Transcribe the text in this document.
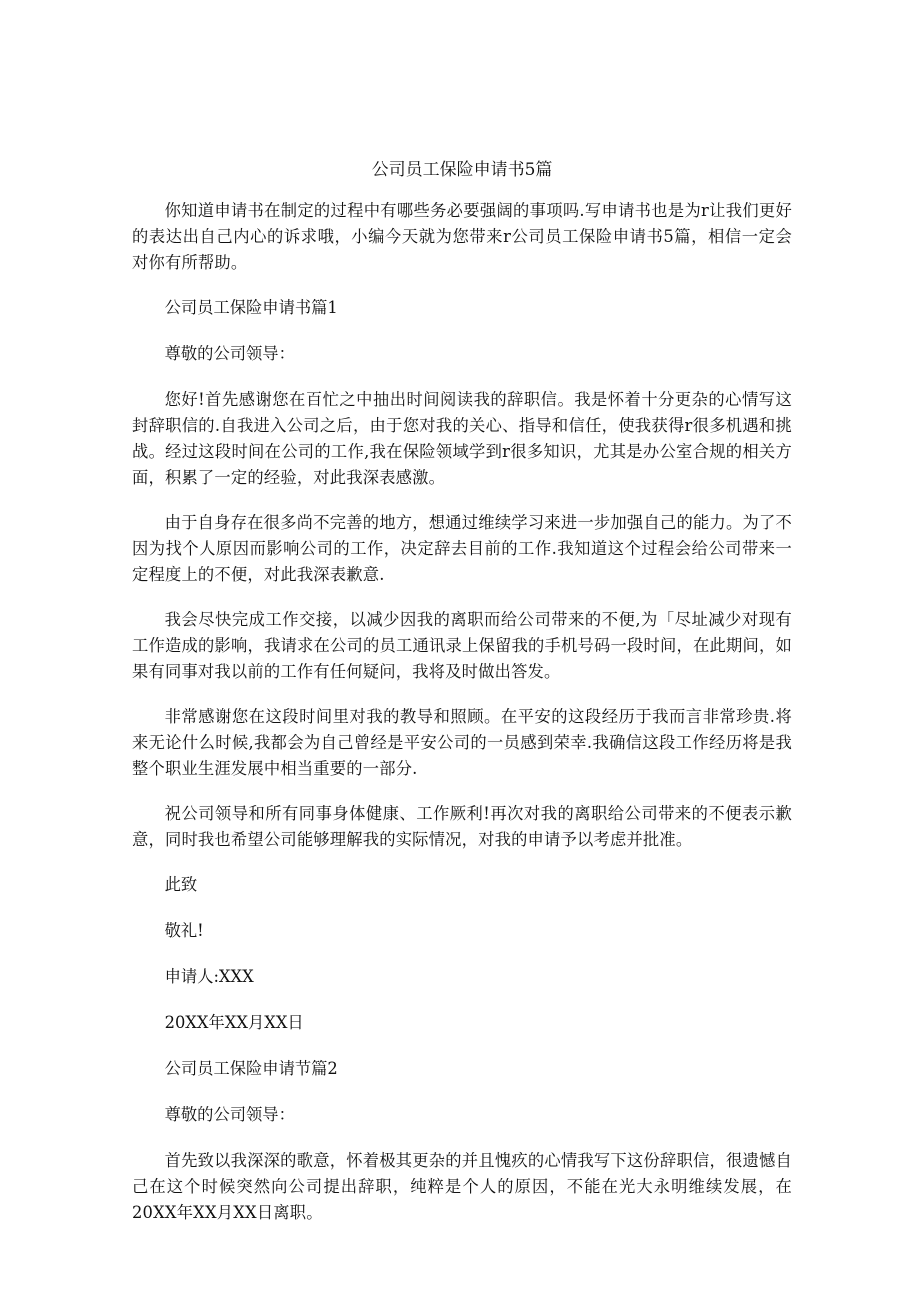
公司员工保险申请书5篇

你知道申请书在制定的过程中有哪些务必要强阔的事项吗.写申请书也是为r让我们更好的表达出自己内心的诉求哦，小编今天就为您带来r公司员工保险申请书5篇，相信一定会对你有所帮助。

公司员工保险申请书篇1

尊敬的公司领导：

您好!首先感谢您在百忙之中抽出时间阅读我的辞职信。我是怀着十分更杂的心情写这封辞职信的.自我进入公司之后，由于您对我的关心、指导和信任，使我获得r很多机遇和挑战。经过这段时间在公司的工作,我在保险领域学到r很多知识，尤其是办公室合规的相关方面，积累了一定的经验，对此我深表感激。

由于自身存在很多尚不完善的地方，想通过维续学习来进一步加强自己的能力。为了不因为找个人原因而影响公司的工作，决定辞去目前的工作.我知道这个过程会给公司带来一定程度上的不便，对此我深表歉意.

我会尽快完成工作交接，以减少因我的离职而给公司带来的不便,为「尽址减少对现有工作造成的影响，我请求在公司的员工通讯录上保留我的手机号码一段时间，在此期间，如果有同事对我以前的工作有任何疑问，我将及时做出答发。

非常感谢您在这段时间里对我的教导和照顾。在平安的这段经历于我而言非常珍贵.将来无论什么时候,我都会为自己曾经是平安公司的一员感到荣幸.我确信这段工作经历将是我整个职业生涯发展中相当重要的一部分.

祝公司领导和所有同事身体健康、工作厥利!再次对我的离职给公司带来的不便表示歉意，同时我也希望公司能够理解我的实际情况，对我的申请予以考虑并批准。

此致

敬礼!

申请人:XXX

20XX年XX月XX日

公司员工保险申请节篇2

尊敬的公司领导：

首先致以我深深的歌意，怀着极其更杂的并且愧疚的心情我写下这份辞职信，很遗憾自己在这个时候突然向公司提出辞职，纯粹是个人的原因，不能在光大永明维续发展，在20XX年XX月XX日离职。
